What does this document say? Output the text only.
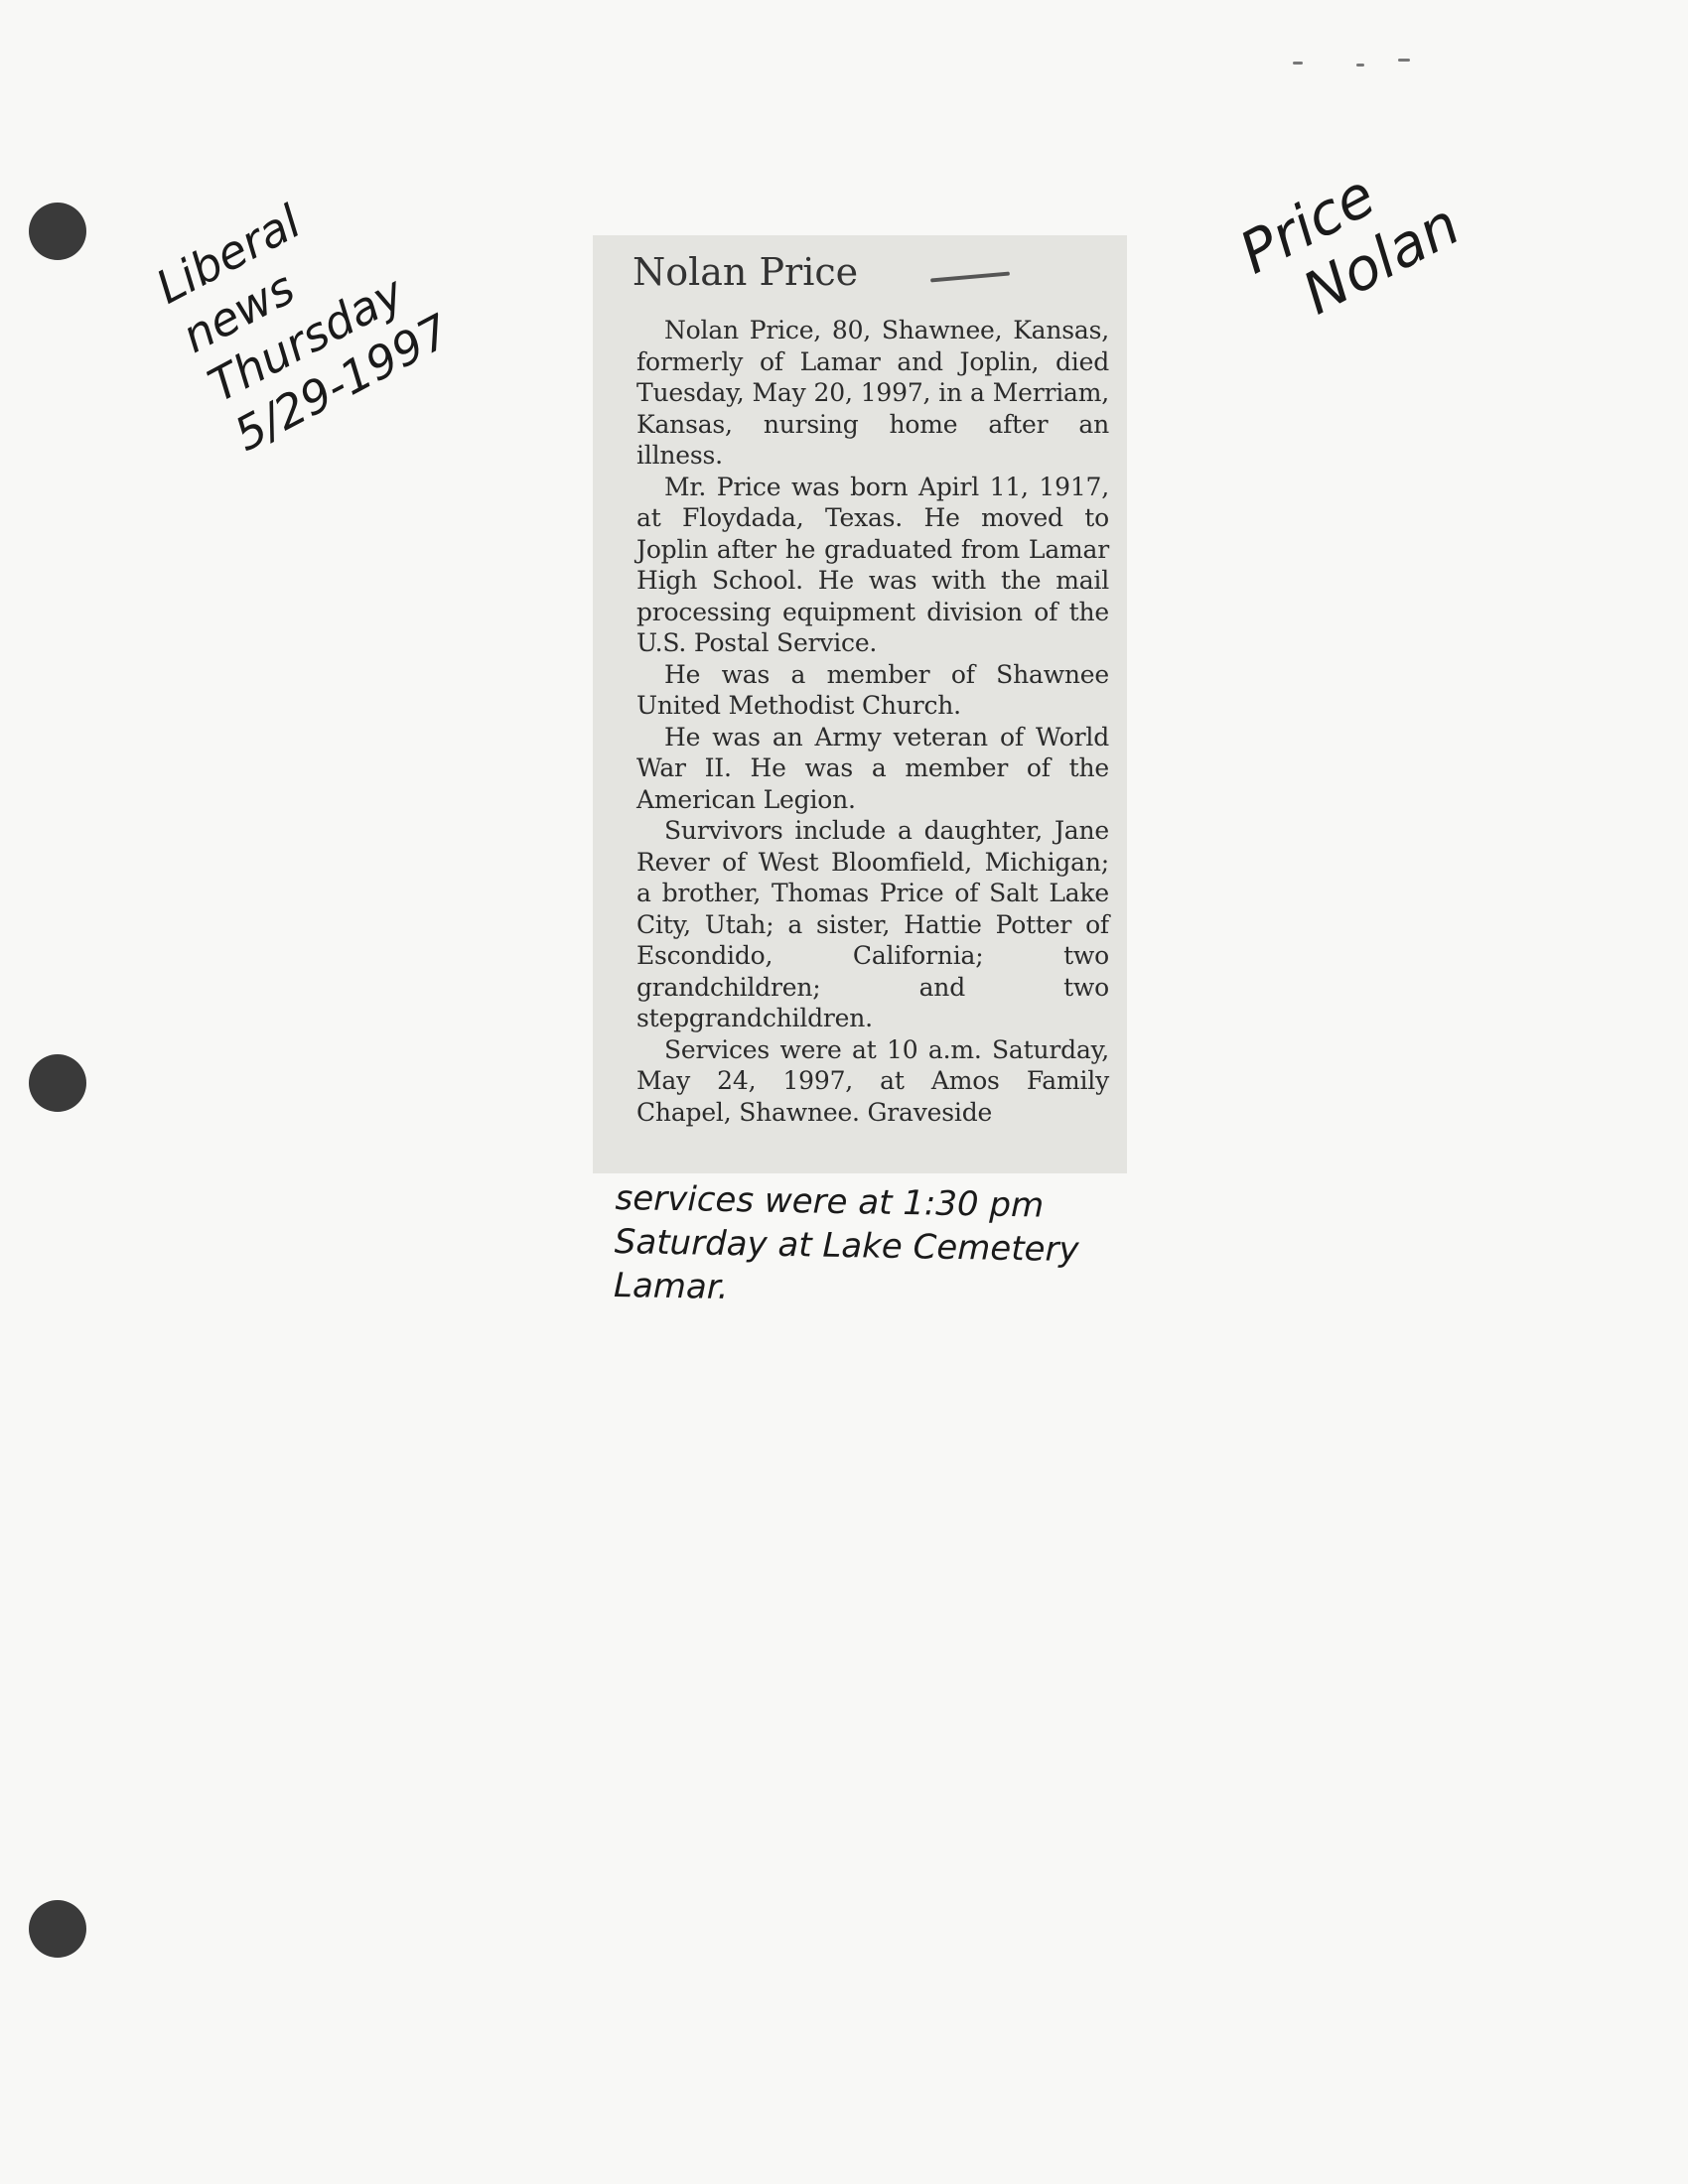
Liberal
news
Thursday
5/29-1997
Price
Nolan
Nolan Price

Nolan Price, 80, Shawnee, Kansas, formerly of Lamar and Joplin, died Tuesday, May 20, 1997, in a Merriam, Kansas, nursing home after an illness.

Mr. Price was born Apirl 11, 1917, at Floydada, Texas. He moved to Joplin after he graduated from Lamar High School. He was with the mail processing equipment division of the U.S. Postal Service.

He was a member of Shawnee United Methodist Church.

He was an Army veteran of World War II. He was a member of the American Legion.

Survivors include a daughter, Jane Rever of West Bloomfield, Michigan; a brother, Thomas Price of Salt Lake City, Utah; a sister, Hattie Potter of Escondido, California; two grandchildren; and two stepgrandchildren.

Services were at 10 a.m. Saturday, May 24, 1997, at Amos Family Chapel, Shawnee. Graveside

services were at 1:30 pm
Saturday at Lake Cemetery
Lamar.
